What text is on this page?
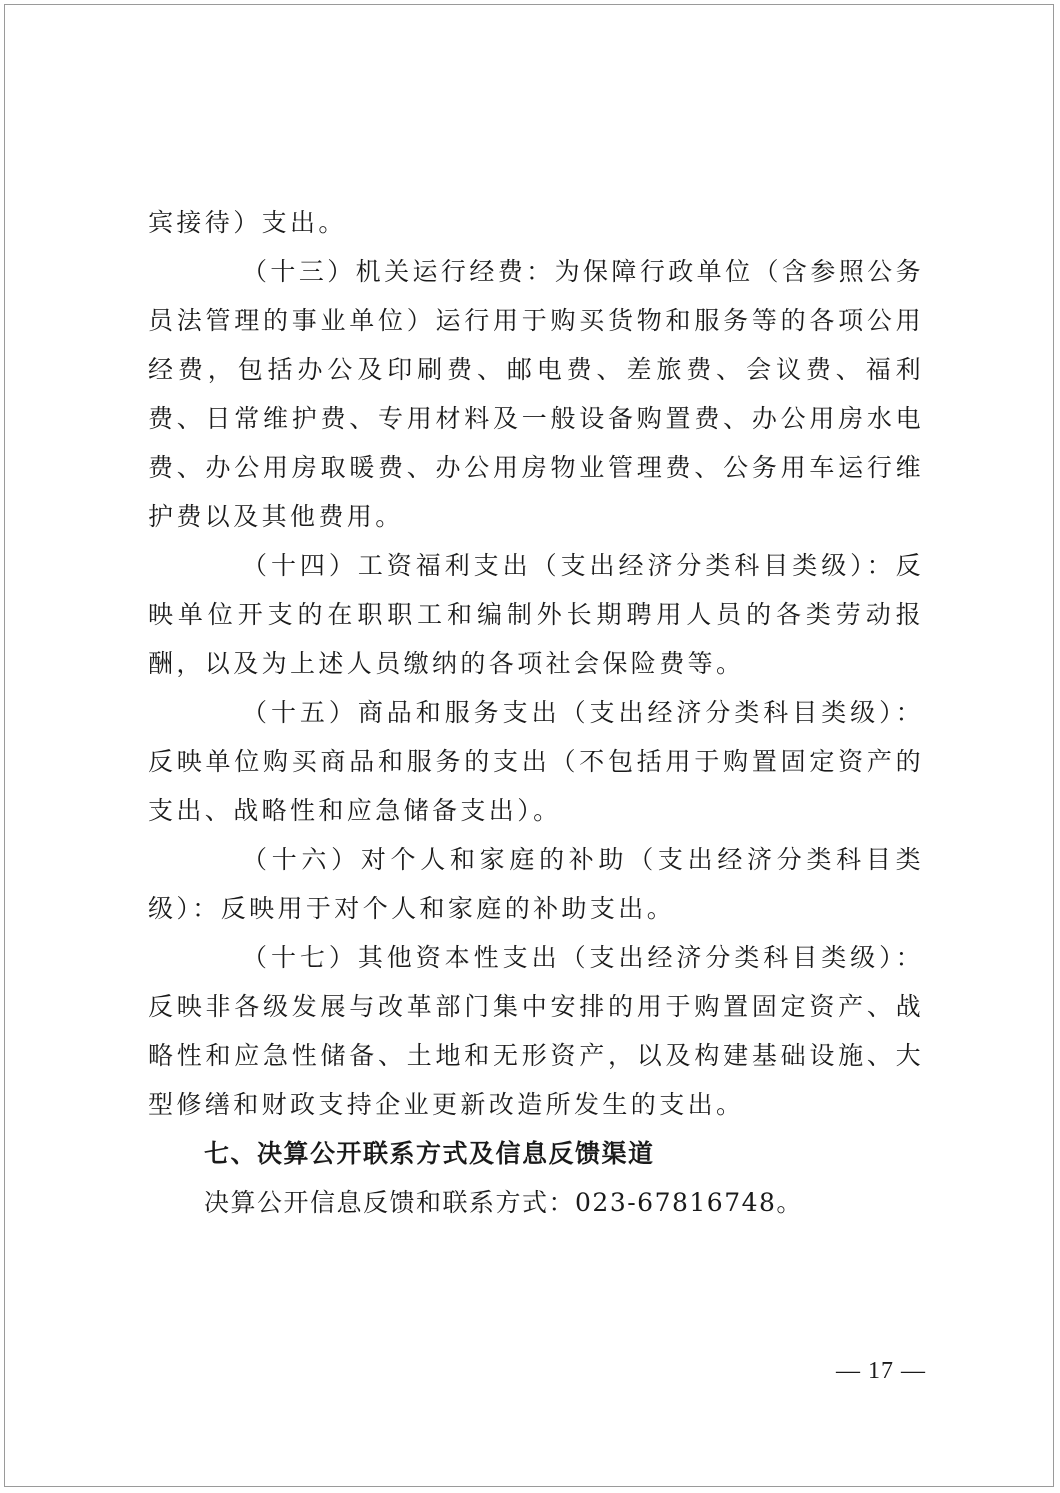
宾接待）支出。

（十三）机关运行经费：为保障行政单位（含参照公务员法管理的事业单位）运行用于购买货物和服务等的各项公用经费，包括办公及印刷费、邮电费、差旅费、会议费、福利费、日常维护费、专用材料及一般设备购置费、办公用房水电费、办公用房取暖费、办公用房物业管理费、公务用车运行维护费以及其他费用。

（十四）工资福利支出（支出经济分类科目类级）：反映单位开支的在职职工和编制外长期聘用人员的各类劳动报酬，以及为上述人员缴纳的各项社会保险费等。

（十五）商品和服务支出（支出经济分类科目类级）：反映单位购买商品和服务的支出（不包括用于购置固定资产的支出、战略性和应急储备支出）。

（十六）对个人和家庭的补助（支出经济分类科目类级）：反映用于对个人和家庭的补助支出。

（十七）其他资本性支出（支出经济分类科目类级）：反映非各级发展与改革部门集中安排的用于购置固定资产、战略性和应急性储备、土地和无形资产，以及构建基础设施、大型修缮和财政支持企业更新改造所发生的支出。

七、决算公开联系方式及信息反馈渠道

决算公开信息反馈和联系方式：023-67816748。

— 17 —
